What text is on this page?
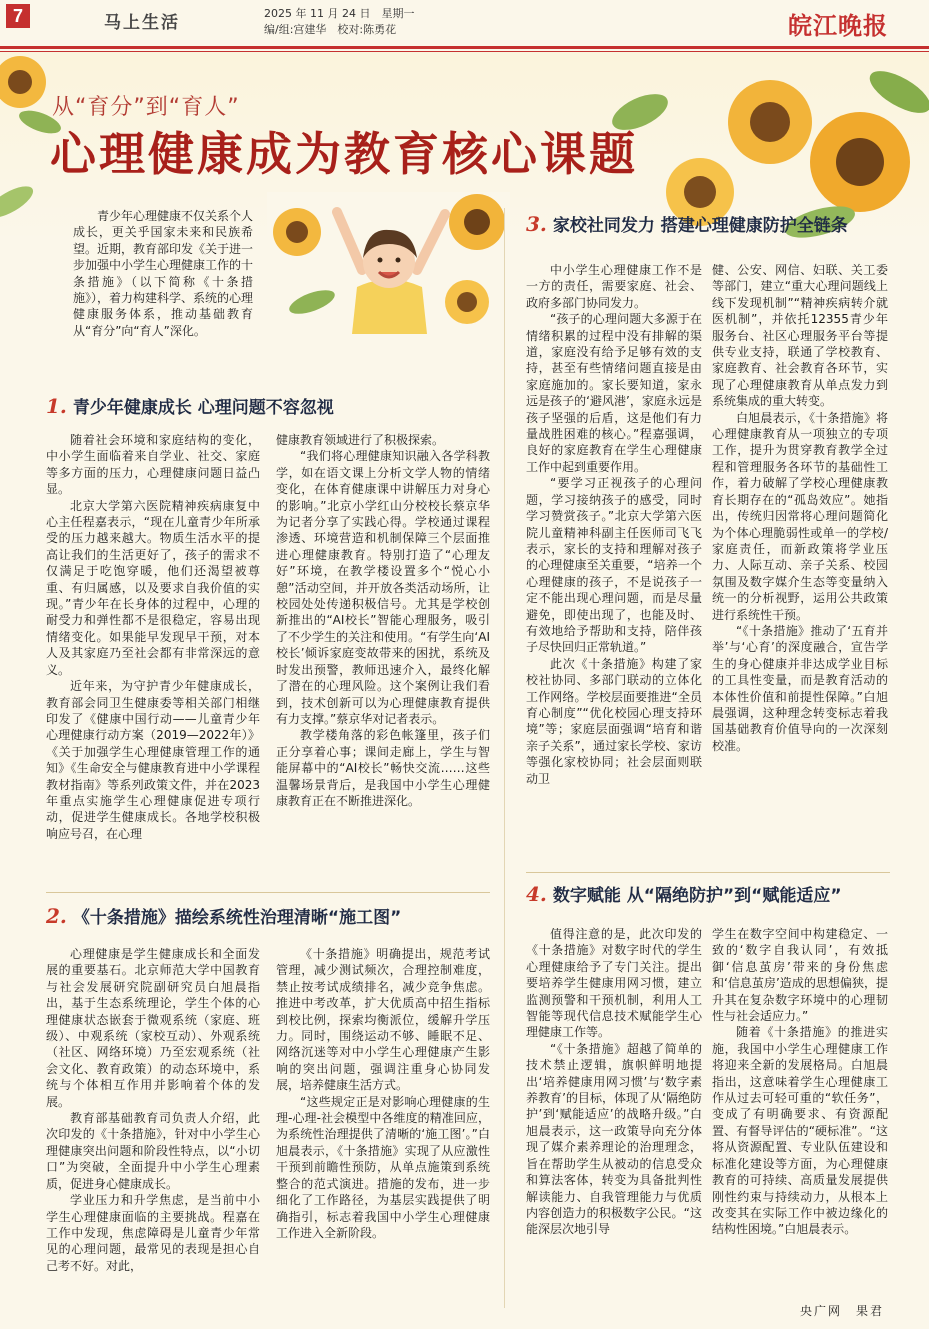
7	马上生活	2025 年 11 月 24 日　星期一
编/组:宫建华　校对:陈勇花	皖江晚报
从“育分”到“育人”
心理健康成为教育核心课题

青少年心理健康不仅关系个人成长，更关乎国家未来和民族希望。近期，教育部印发《关于进一步加强中小学生心理健康工作的十条措施》（以下简称《十条措施》），着力构建科学、系统的心理健康服务体系，推动基础教育从“育分”向“育人”深化。

1. 青少年健康成长 心理问题不容忽视

随着社会环境和家庭结构的变化，中小学生面临着来自学业、社交、家庭等多方面的压力，心理健康问题日益凸显。

北京大学第六医院精神疾病康复中心主任程嘉表示，“现在儿童青少年所承受的压力越来越大。物质生活水平的提高让我们的生活更好了，孩子的需求不仅满足于吃饱穿暖，他们还渴望被尊重、有归属感，以及要求自我价值的实现。”青少年在长身体的过程中，心理的耐受力和弹性都不是很稳定，容易出现情绪变化。如果能早发现早干预，对本人及其家庭乃至社会都有非常深远的意义。

近年来，为守护青少年健康成长，教育部会同卫生健康委等相关部门相继印发了《健康中国行动——儿童青少年心理健康行动方案（2019—2022年）》《关于加强学生心理健康管理工作的通知》《生命安全与健康教育进中小学课程教材指南》等系列政策文件，并在2023年重点实施学生心理健康促进专项行动，促进学生健康成长。各地学校积极响应号召，在心理

健康教育领域进行了积极探索。

“我们将心理健康知识融入各学科教学，如在语文课上分析文学人物的情绪变化，在体育健康课中讲解压力对身心的影响。”北京小学红山分校校长蔡京华为记者分享了实践心得。学校通过课程渗透、环境营造和机制保障三个层面推进心理健康教育。特别打造了“心理友好”环境，在教学楼设置多个“悦心小憩”活动空间，并开放各类活动场所，让校园处处传递积极信号。尤其是学校创新推出的“AI校长”智能心理服务，吸引了不少学生的关注和使用。“有学生向‘AI校长’倾诉家庭变故带来的困扰，系统及时发出预警，教师迅速介入，最终化解了潜在的心理风险。这个案例让我们看到，技术创新可以为心理健康教育提供有力支撑。”蔡京华对记者表示。

教学楼角落的彩色帐篷里，孩子们正分享着心事；课间走廊上，学生与智能屏幕中的“AI校长”畅快交流……这些温馨场景背后，是我国中小学生心理健康教育正在不断推进深化。

2. 《十条措施》描绘系统性治理清晰“施工图”

心理健康是学生健康成长和全面发展的重要基石。北京师范大学中国教育与社会发展研究院副研究员白旭晨指出，基于生态系统理论，学生个体的心理健康状态嵌套于微观系统（家庭、班级）、中观系统（家校互动）、外观系统（社区、网络环境）乃至宏观系统（社会文化、教育政策）的动态环境中，系统与个体相互作用并影响着个体的发展。

教育部基础教育司负责人介绍，此次印发的《十条措施》，针对中小学生心理健康突出问题和阶段性特点，以“小切口”为突破，全面提升中小学生心理素质，促进身心健康成长。

学业压力和升学焦虑，是当前中小学生心理健康面临的主要挑战。程嘉在工作中发现，焦虑障碍是儿童青少年常见的心理问题，最常见的表现是担心自己考不好。对此，

《十条措施》明确提出，规范考试管理，减少测试频次，合理控制难度，禁止按考试成绩排名，减少竞争焦虑。推进中考改革，扩大优质高中招生指标到校比例，探索均衡派位，缓解升学压力。同时，围绕运动不够、睡眠不足、网络沉迷等对中小学生心理健康产生影响的突出问题，强调注重身心协同发展，培养健康生活方式。

“这些规定正是对影响心理健康的生理-心理-社会模型中各维度的精准回应，为系统性治理提供了清晰的‘施工图’。”白旭晨表示，《十条措施》实现了从应激性干预到前瞻性预防，从单点施策到系统整合的范式演进。措施的发布，进一步细化了工作路径，为基层实践提供了明确指引，标志着我国中小学生心理健康工作进入全新阶段。

3. 家校社同发力 搭建心理健康防护全链条

中小学生心理健康工作不是一方的责任，需要家庭、社会、政府多部门协同发力。

“孩子的心理问题大多源于在情绪积累的过程中没有排解的渠道，家庭没有给予足够有效的支持，甚至有些情绪问题直接是由家庭施加的。家长要知道，家永远是孩子的‘避风港’，家庭永远是孩子坚强的后盾，这是他们有力量战胜困难的核心。”程嘉强调，良好的家庭教育在学生心理健康工作中起到重要作用。

“要学习正视孩子的心理问题，学习接纳孩子的感受，同时学习赞赏孩子。”北京大学第六医院儿童精神科副主任医师司飞飞表示，家长的支持和理解对孩子的心理健康至关重要，“培养一个心理健康的孩子，不是说孩子一定不能出现心理问题，而是尽量避免，即使出现了，也能及时、有效地给予帮助和支持，陪伴孩子尽快回归正常轨道。”

此次《十条措施》构建了家校社协同、多部门联动的立体化工作网络。学校层面要推进“全员育心制度”“优化校园心理支持环境”等；家庭层面强调“培育和谐亲子关系”，通过家长学校、家访等强化家校协同；社会层面则联动卫

健、公安、网信、妇联、关工委等部门，建立“重大心理问题线上线下发现机制”“精神疾病转介就医机制”，并依托12355青少年服务台、社区心理服务平台等提供专业支持，联通了学校教育、家庭教育、社会教育各环节，实现了心理健康教育从单点发力到系统集成的重大转变。

白旭晨表示，《十条措施》将心理健康教育从一项独立的专项工作，提升为贯穿教育教学全过程和管理服务各环节的基础性工作，着力破解了学校心理健康教育长期存在的“孤岛效应”。她指出，传统归因常将心理问题简化为个体心理脆弱性或单一的学校/家庭责任，而新政策将学业压力、人际互动、亲子关系、校园氛围及数字媒介生态等变量纳入统一的分析视野，运用公共政策进行系统性干预。

“《十条措施》推动了‘五育并举’与‘心育’的深度融合，宣告学生的身心健康并非达成学业目标的工具性变量，而是教育活动的本体性价值和前提性保障。”白旭晨强调，这种理念转变标志着我国基础教育价值导向的一次深刻校准。

4. 数字赋能 从“隔绝防护”到“赋能适应”

值得注意的是，此次印发的《十条措施》对数字时代的学生心理健康给予了专门关注。提出要培养学生健康用网习惯，建立监测预警和干预机制，利用人工智能等现代信息技术赋能学生心理健康工作等。

“《十条措施》超越了简单的技术禁止逻辑，旗帜鲜明地提出‘培养健康用网习惯’与‘数字素养教育’的目标，体现了从‘隔绝防护’到‘赋能适应’的战略升级。”白旭晨表示，这一政策导向充分体现了媒介素养理论的治理理念，旨在帮助学生从被动的信息受众和算法客体，转变为具备批判性解读能力、自我管理能力与优质内容创造力的积极数字公民。“这能深层次地引导

学生在数字空间中构建稳定、一致的‘数字自我认同’，有效抵御‘信息茧房’带来的身份焦虑和‘信息茧房’造成的思想偏狭，提升其在复杂数字环境中的心理韧性与社会适应力。”

随着《十条措施》的推进实施，我国中小学生心理健康工作将迎来全新的发展格局。白旭晨指出，这意味着学生心理健康工作从过去可轻可重的“软任务”，变成了有明确要求、有资源配置、有督导评估的“硬标准”。“这将从资源配置、专业队伍建设和标准化建设等方面，为心理健康教育的可持续、高质量发展提供刚性约束与持续动力，从根本上改变其在实际工作中被边缘化的结构性困境。”白旭晨表示。

央广网　果君
